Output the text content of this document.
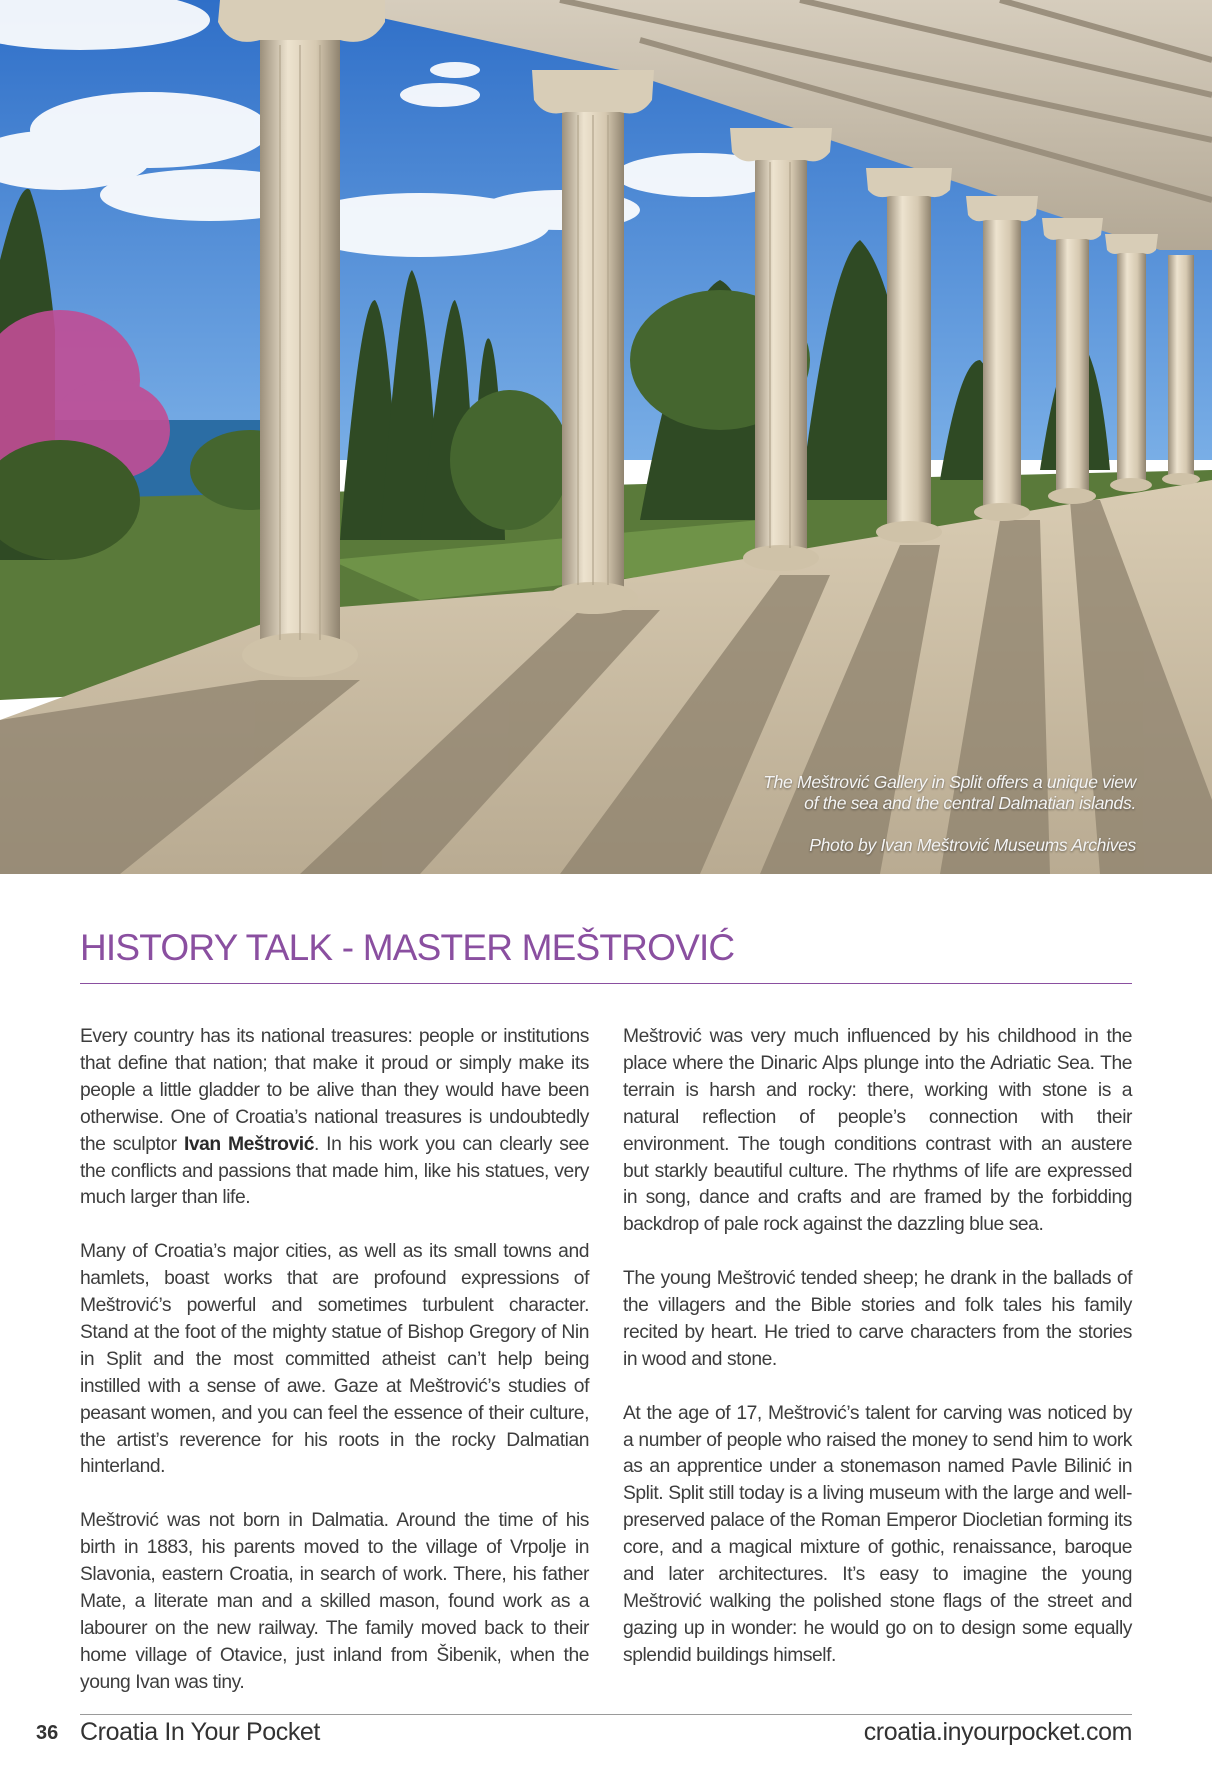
The Meštrović Gallery in Split offers a unique view
of the sea and the central Dalmatian islands.
Photo by Ivan Meštrović Museums Archives
HISTORY TALK - MASTER MEŠTROVIĆ

Every country has its national treasures: people or institutions that define that nation; that make it proud or simply make its people a little gladder to be alive than they would have been otherwise. One of Croatia’s national treasures is undoubtedly the sculptor Ivan Meštrović. In his work you can clearly see the conflicts and passions that made him, like his statues, very much larger than life.

Many of Croatia’s major cities, as well as its small towns and hamlets, boast works that are profound expressions of Meštrović’s powerful and sometimes turbulent character. Stand at the foot of the mighty statue of Bishop Gregory of Nin in Split and the most committed atheist can’t help being instilled with a sense of awe. Gaze at Meštrović’s studies of peasant women, and you can feel the essence of their culture, the artist’s reverence for his roots in the rocky Dalmatian hinterland.

Meštrović was not born in Dalmatia. Around the time of his birth in 1883, his parents moved to the village of Vrpolje in Slavonia, eastern Croatia, in search of work. There, his father Mate, a literate man and a skilled mason, found work as a labourer on the new railway. The family moved back to their home village of Otavice, just inland from Šibenik, when the young Ivan was tiny.

Meštrović was very much influenced by his childhood in the place where the Dinaric Alps plunge into the Adriatic Sea. The terrain is harsh and rocky: there, working with stone is a natural reflection of people’s connection with their environment. The tough conditions contrast with an austere but starkly beautiful culture. The rhythms of life are expressed in song, dance and crafts and are framed by the forbidding backdrop of pale rock against the dazzling blue sea.

The young Meštrović tended sheep; he drank in the ballads of the villagers and the Bible stories and folk tales his family recited by heart. He tried to carve characters from the stories in wood and stone.

At the age of 17, Meštrović’s talent for carving was noticed by a number of people who raised the money to send him to work as an apprentice under a stonemason named Pavle Bilinić in Split. Split still today is a living museum with the large and well-preserved palace of the Roman Emperor Diocletian forming its core, and a magical mixture of gothic, renaissance, baroque and later architectures. It’s easy to imagine the young Meštrović walking the polished stone flags of the street and gazing up in wonder: he would go on to design some equally splendid buildings himself.

36 Croatia In Your Pocket	croatia.inyourpocket.com
